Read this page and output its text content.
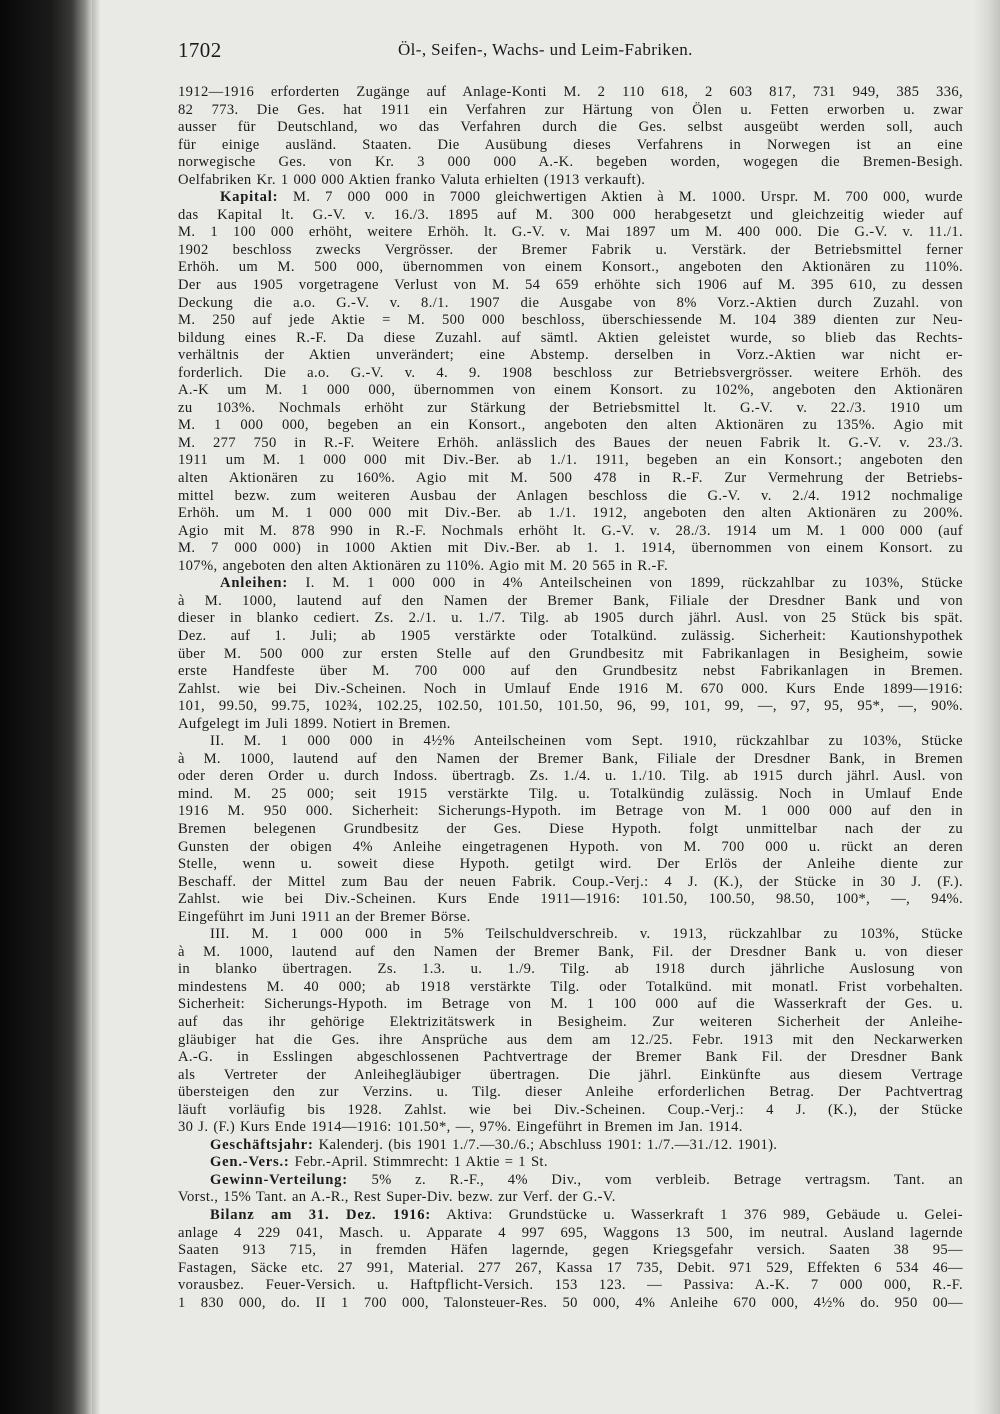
1702	Öl-, Seifen-, Wachs- und Leim-Fabriken.
1912—1916 erforderten Zugänge auf Anlage-Konti M. 2 110 618, 2 603 817, 731 949, 385 336,
82 773. Die Ges. hat 1911 ein Verfahren zur Härtung von Ölen u. Fetten erworben u. zwar
ausser für Deutschland, wo das Verfahren durch die Ges. selbst ausgeübt werden soll, auch
für einige ausländ. Staaten. Die Ausübung dieses Verfahrens in Norwegen ist an eine
norwegische Ges. von Kr. 3 000 000 A.-K. begeben worden, wogegen die Bremen-Besigh.
Oelfabriken Kr. 1 000 000 Aktien franko Valuta erhielten (1913 verkauft).
Kapital: M. 7 000 000 in 7000 gleichwertigen Aktien à M. 1000. Urspr. M. 700 000, wurde
das Kapital lt. G.-V. v. 16./3. 1895 auf M. 300 000 herabgesetzt und gleichzeitig wieder auf
M. 1 100 000 erhöht, weitere Erhöh. lt. G.-V. v. Mai 1897 um M. 400 000. Die G.-V. v. 11./1.
1902 beschloss zwecks Vergrösser. der Bremer Fabrik u. Verstärk. der Betriebsmittel ferner
Erhöh. um M. 500 000, übernommen von einem Konsort., angeboten den Aktionären zu 110%.
Der aus 1905 vorgetragene Verlust von M. 54 659 erhöhte sich 1906 auf M. 395 610, zu dessen
Deckung die a.o. G.-V. v. 8./1. 1907 die Ausgabe von 8% Vorz.-Aktien durch Zuzahl. von
M. 250 auf jede Aktie = M. 500 000 beschloss, überschiessende M. 104 389 dienten zur Neu-
bildung eines R.-F. Da diese Zuzahl. auf sämtl. Aktien geleistet wurde, so blieb das Rechts-
verhältnis der Aktien unverändert; eine Abstemp. derselben in Vorz.-Aktien war nicht er-
forderlich. Die a.o. G.-V. v. 4. 9. 1908 beschloss zur Betriebsvergrösser. weitere Erhöh. des
A.-K um M. 1 000 000, übernommen von einem Konsort. zu 102%, angeboten den Aktionären
zu 103%. Nochmals erhöht zur Stärkung der Betriebsmittel lt. G.-V. v. 22./3. 1910 um
M. 1 000 000, begeben an ein Konsort., angeboten den alten Aktionären zu 135%. Agio mit
M. 277 750 in R.-F. Weitere Erhöh. anlässlich des Baues der neuen Fabrik lt. G.-V. v. 23./3.
1911 um M. 1 000 000 mit Div.-Ber. ab 1./1. 1911, begeben an ein Konsort.; angeboten den
alten Aktionären zu 160%. Agio mit M. 500 478 in R.-F. Zur Vermehrung der Betriebs-
mittel bezw. zum weiteren Ausbau der Anlagen beschloss die G.-V. v. 2./4. 1912 nochmalige
Erhöh. um M. 1 000 000 mit Div.-Ber. ab 1./1. 1912, angeboten den alten Aktionären zu 200%.
Agio mit M. 878 990 in R.-F. Nochmals erhöht lt. G.-V. v. 28./3. 1914 um M. 1 000 000 (auf
M. 7 000 000) in 1000 Aktien mit Div.-Ber. ab 1. 1. 1914, übernommen von einem Konsort. zu
107%, angeboten den alten Aktionären zu 110%. Agio mit M. 20 565 in R.-F.
Anleihen: I. M. 1 000 000 in 4% Anteilscheinen von 1899, rückzahlbar zu 103%, Stücke
à M. 1000, lautend auf den Namen der Bremer Bank, Filiale der Dresdner Bank und von
dieser in blanko cediert. Zs. 2./1. u. 1./7. Tilg. ab 1905 durch jährl. Ausl. von 25 Stück bis spät.
Dez. auf 1. Juli; ab 1905 verstärkte oder Totalkünd. zulässig. Sicherheit: Kautionshypothek
über M. 500 000 zur ersten Stelle auf den Grundbesitz mit Fabrikanlagen in Besigheim, sowie
erste Handfeste über M. 700 000 auf den Grundbesitz nebst Fabrikanlagen in Bremen.
Zahlst. wie bei Div.-Scheinen. Noch in Umlauf Ende 1916 M. 670 000. Kurs Ende 1899—1916:
101, 99.50, 99.75, 102¾, 102.25, 102.50, 101.50, 101.50, 96, 99, 101, 99, —, 97, 95, 95*, —, 90%.
Aufgelegt im Juli 1899. Notiert in Bremen.
II. M. 1 000 000 in 4½% Anteilscheinen vom Sept. 1910, rückzahlbar zu 103%, Stücke
à M. 1000, lautend auf den Namen der Bremer Bank, Filiale der Dresdner Bank, in Bremen
oder deren Order u. durch Indoss. übertragb. Zs. 1./4. u. 1./10. Tilg. ab 1915 durch jährl. Ausl. von
mind. M. 25 000; seit 1915 verstärkte Tilg. u. Totalkündig zulässig. Noch in Umlauf Ende
1916 M. 950 000. Sicherheit: Sicherungs-Hypoth. im Betrage von M. 1 000 000 auf den in
Bremen belegenen Grundbesitz der Ges. Diese Hypoth. folgt unmittelbar nach der zu
Gunsten der obigen 4% Anleihe eingetragenen Hypoth. von M. 700 000 u. rückt an deren
Stelle, wenn u. soweit diese Hypoth. getilgt wird. Der Erlös der Anleihe diente zur
Beschaff. der Mittel zum Bau der neuen Fabrik. Coup.-Verj.: 4 J. (K.), der Stücke in 30 J. (F.).
Zahlst. wie bei Div.-Scheinen. Kurs Ende 1911—1916: 101.50, 100.50, 98.50, 100*, —, 94%.
Eingeführt im Juni 1911 an der Bremer Börse.
III. M. 1 000 000 in 5% Teilschuldverschreib. v. 1913, rückzahlbar zu 103%, Stücke
à M. 1000, lautend auf den Namen der Bremer Bank, Fil. der Dresdner Bank u. von dieser
in blanko übertragen. Zs. 1.3. u. 1./9. Tilg. ab 1918 durch jährliche Auslosung von
mindestens M. 40 000; ab 1918 verstärkte Tilg. oder Totalkünd. mit monatl. Frist vorbehalten.
Sicherheit: Sicherungs-Hypoth. im Betrage von M. 1 100 000 auf die Wasserkraft der Ges. u.
auf das ihr gehörige Elektrizitätswerk in Besigheim. Zur weiteren Sicherheit der Anleihe-
gläubiger hat die Ges. ihre Ansprüche aus dem am 12./25. Febr. 1913 mit den Neckarwerken
A.-G. in Esslingen abgeschlossenen Pachtvertrage der Bremer Bank Fil. der Dresdner Bank
als Vertreter der Anleihegläubiger übertragen. Die jährl. Einkünfte aus diesem Vertrage
übersteigen den zur Verzins. u. Tilg. dieser Anleihe erforderlichen Betrag. Der Pachtvertrag
läuft vorläufig bis 1928. Zahlst. wie bei Div.-Scheinen. Coup.-Verj.: 4 J. (K.), der Stücke
30 J. (F.) Kurs Ende 1914—1916: 101.50*, —, 97%. Eingeführt in Bremen im Jan. 1914.
Geschäftsjahr: Kalenderj. (bis 1901 1./7.—30./6.; Abschluss 1901: 1./7.—31./12. 1901).
Gen.-Vers.: Febr.-April. Stimmrecht: 1 Aktie = 1 St.
Gewinn-Verteilung: 5% z. R.-F., 4% Div., vom verbleib. Betrage vertragsm. Tant. an
Vorst., 15% Tant. an A.-R., Rest Super-Div. bezw. zur Verf. der G.-V.
Bilanz am 31. Dez. 1916: Aktiva: Grundstücke u. Wasserkraft 1 376 989, Gebäude u. Gelei-
anlage 4 229 041, Masch. u. Apparate 4 997 695, Waggons 13 500, im neutral. Ausland lagernde
Saaten 913 715, in fremden Häfen lagernde, gegen Kriegsgefahr versich. Saaten 38 95—
Fastagen, Säcke etc. 27 991, Material. 277 267, Kassa 17 735, Debit. 971 529, Effekten 6 534 46—
vorausbez. Feuer-Versich. u. Haftpflicht-Versich. 153 123. — Passiva: A.-K. 7 000 000, R.-F.
1 830 000, do. II 1 700 000, Talonsteuer-Res. 50 000, 4% Anleihe 670 000, 4½% do. 950 00—
